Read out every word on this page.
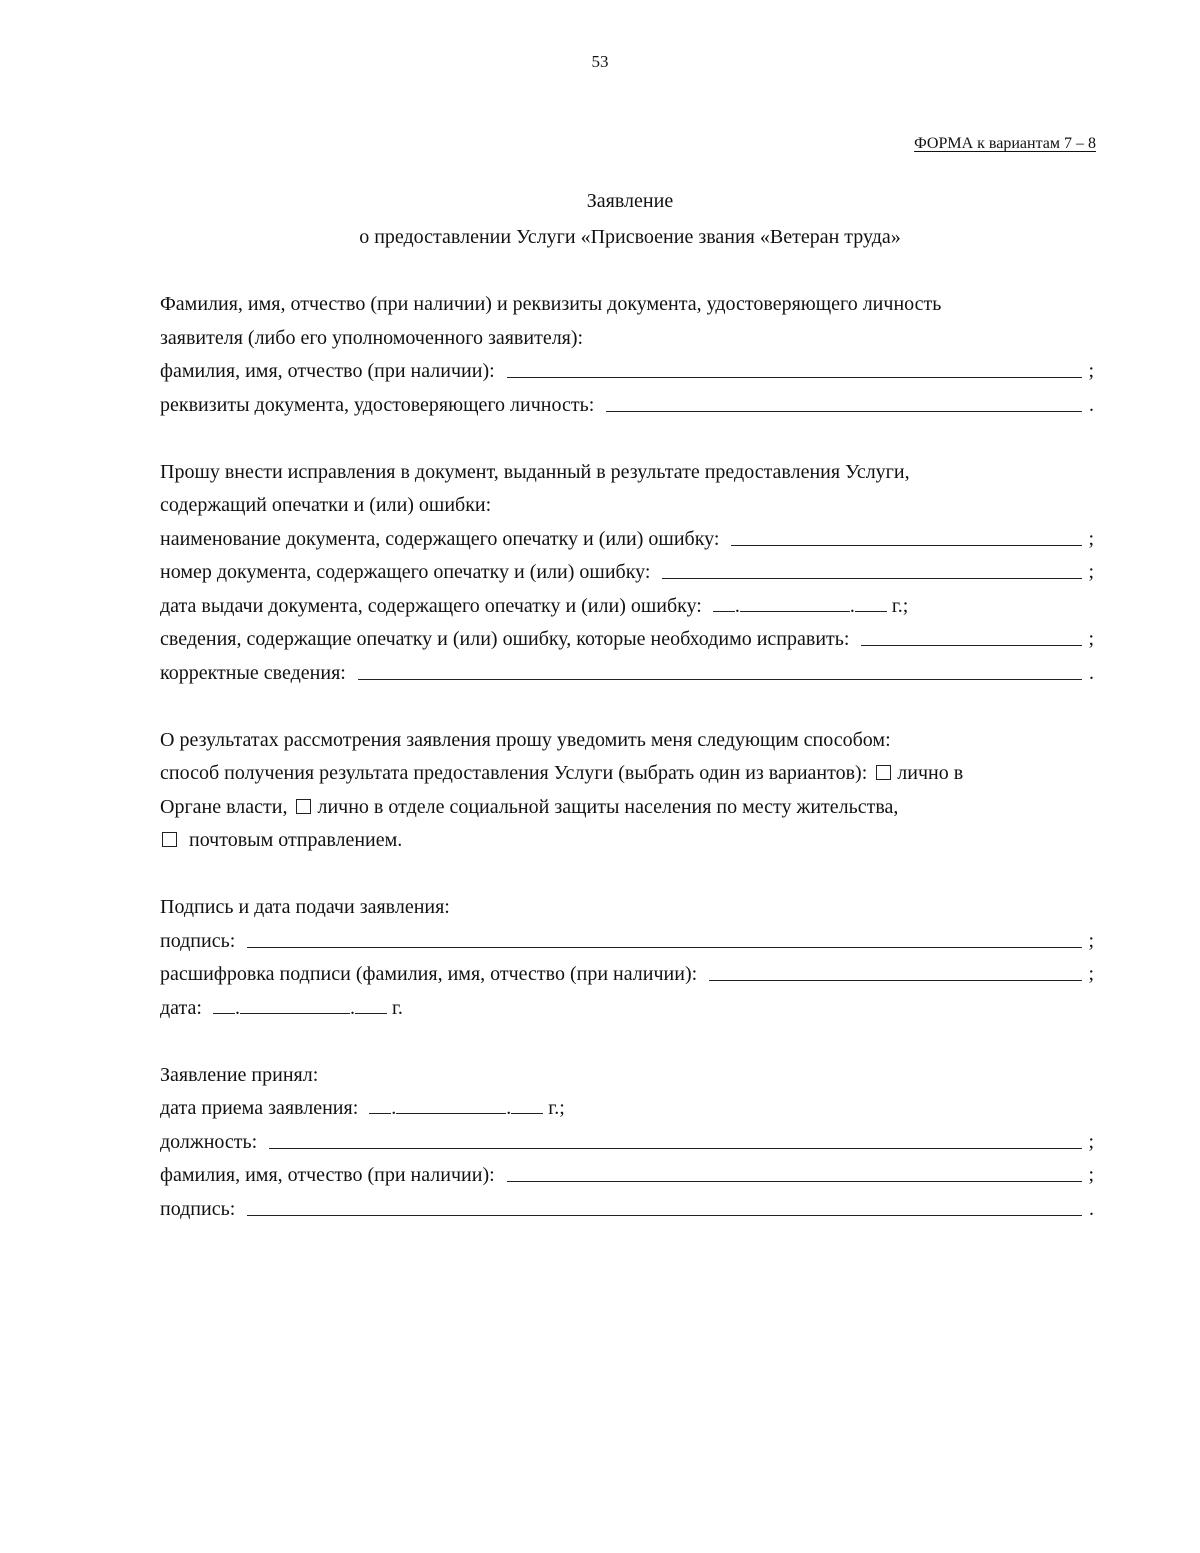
53
ФОРМА к вариантам 7 – 8
Заявление
о предоставлении Услуги «Присвоение звания «Ветеран труда»
Фамилия, имя, отчество (при наличии) и реквизиты документа, удостоверяющего личность
заявителя (либо его уполномоченного заявителя):
фамилия, имя, отчество (при наличии):	;
реквизиты документа, удостоверяющего личность:	.
Прошу внести исправления в документ, выданный в результате предоставления Услуги,
содержащий опечатки и (или) ошибки:
наименование документа, содержащего опечатку и (или) ошибку:	;
номер документа, содержащего опечатку и (или) ошибку:	;
дата выдачи документа, содержащего опечатку и (или) ошибку: .	. г.;
сведения, содержащие опечатку и (или) ошибку, которые необходимо исправить:	;
корректные сведения:	.
О результатах рассмотрения заявления прошу уведомить меня следующим способом:
способ получения результата предоставления Услуги (выбрать один из вариантов): лично в
Органе власти, лично в отделе социальной защиты населения по месту жительства,
почтовым отправлением.
Подпись и дата подачи заявления:
подпись:	;
расшифровка подписи (фамилия, имя, отчество (при наличии):	;
дата: .	. г.
Заявление принял:
дата приема заявления: .	. г.;
должность:	;
фамилия, имя, отчество (при наличии):	;
подпись:	.
